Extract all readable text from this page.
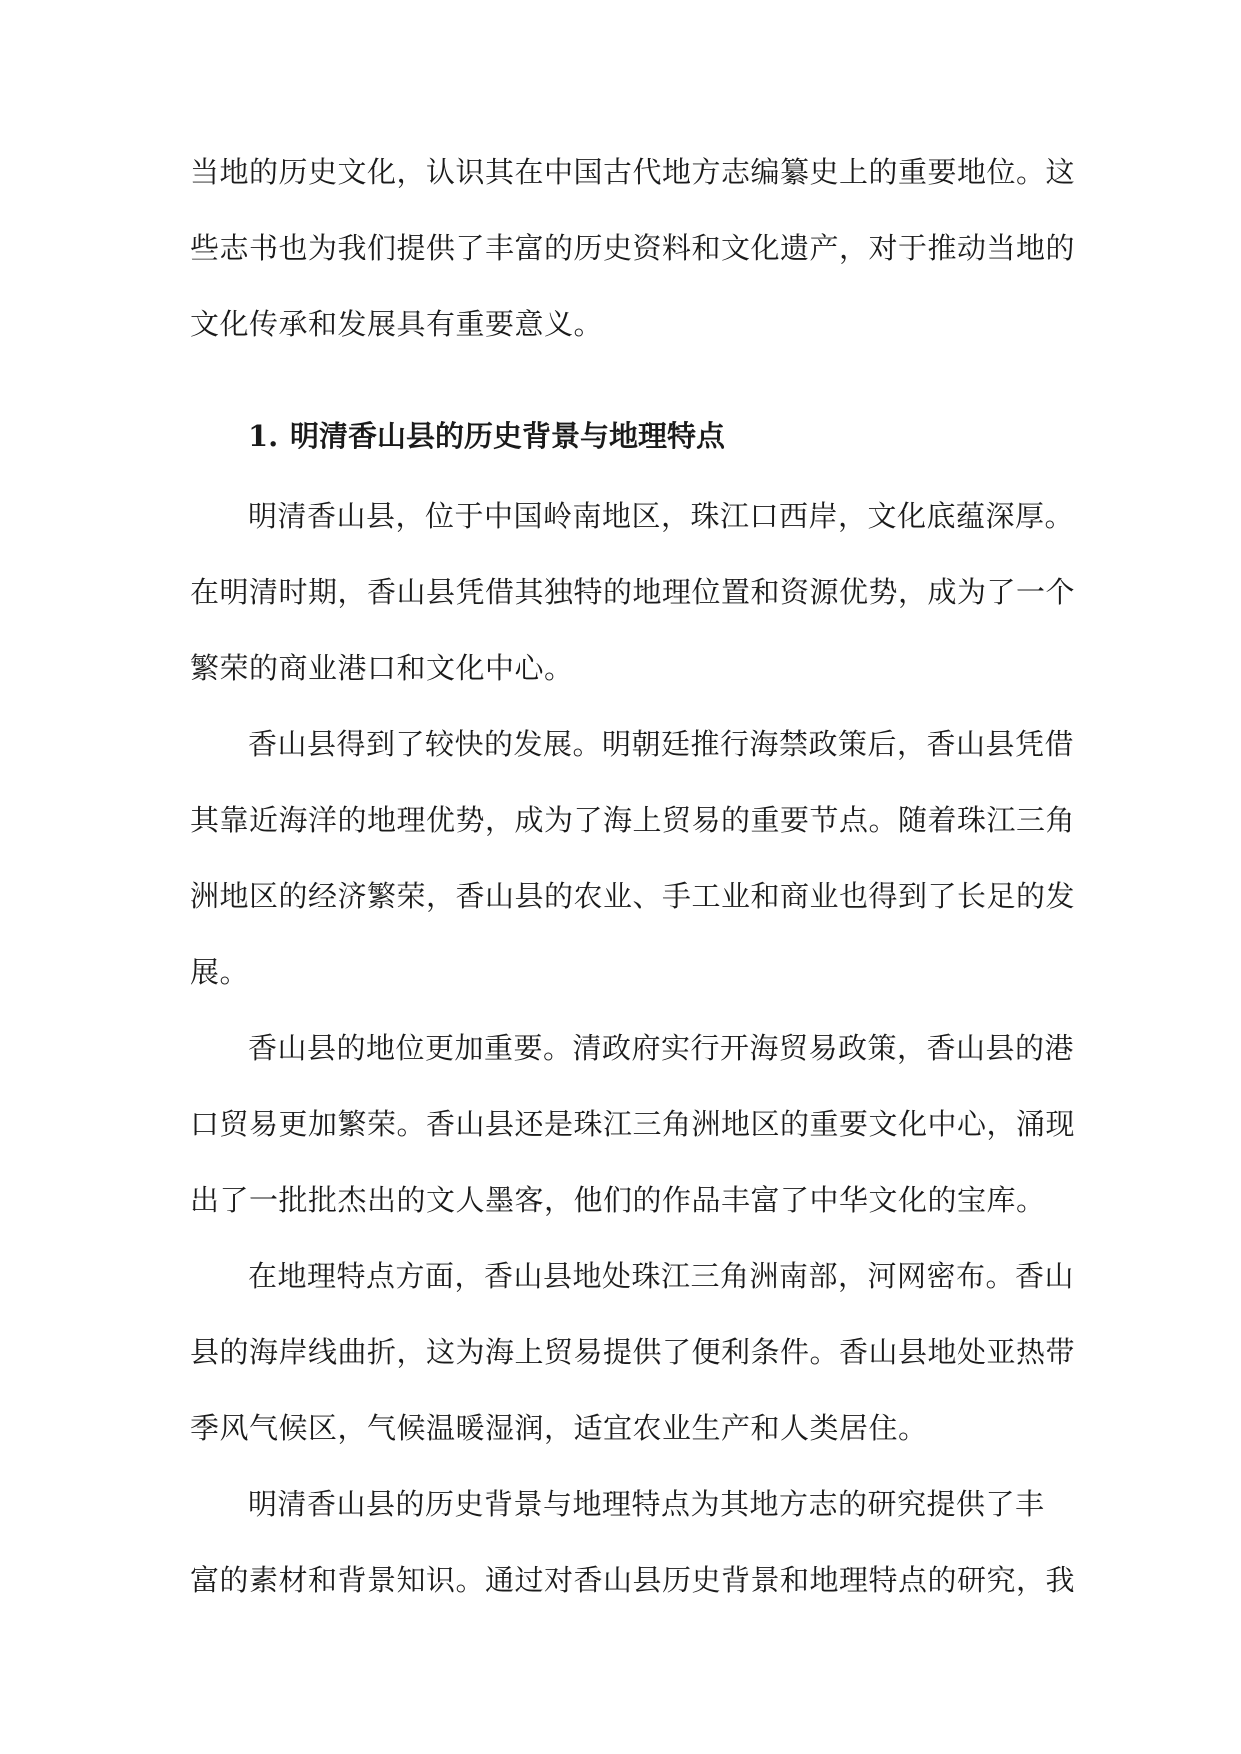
当地的历史文化，认识其在中国古代地方志编纂史上的重要地位。这
些志书也为我们提供了丰富的历史资料和文化遗产，对于推动当地的
文化传承和发展具有重要意义。
1. 明清香山县的历史背景与地理特点
明清香山县，位于中国岭南地区，珠江口西岸，文化底蕴深厚。
在明清时期，香山县凭借其独特的地理位置和资源优势，成为了一个
繁荣的商业港口和文化中心。
香山县得到了较快的发展。明朝廷推行海禁政策后，香山县凭借
其靠近海洋的地理优势，成为了海上贸易的重要节点。随着珠江三角
洲地区的经济繁荣，香山县的农业、手工业和商业也得到了长足的发
展。
香山县的地位更加重要。清政府实行开海贸易政策，香山县的港
口贸易更加繁荣。香山县还是珠江三角洲地区的重要文化中心，涌现
出了一批批杰出的文人墨客，他们的作品丰富了中华文化的宝库。
在地理特点方面，香山县地处珠江三角洲南部，河网密布。香山
县的海岸线曲折，这为海上贸易提供了便利条件。香山县地处亚热带
季风气候区，气候温暖湿润，适宜农业生产和人类居住。
明清香山县的历史背景与地理特点为其地方志的研究提供了丰
富的素材和背景知识。通过对香山县历史背景和地理特点的研究，我
